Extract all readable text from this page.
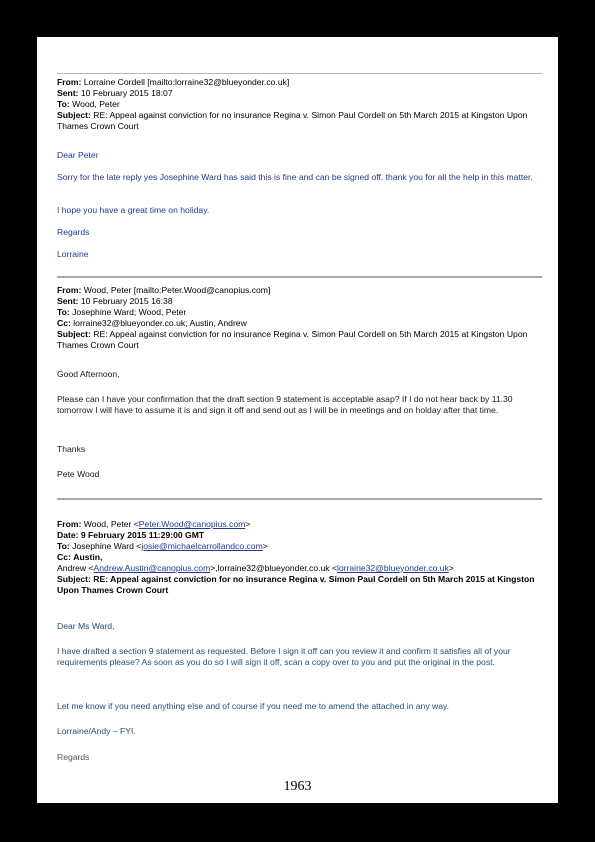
From: Lorraine Cordell [mailto:lorraine32@blueyonder.co.uk]
Sent: 10 February 2015 18:07
To: Wood, Peter
Subject: RE: Appeal against conviction for no insurance Regina v. Simon Paul Cordell on 5th March 2015 at Kingston Upon Thames Crown Court
Dear Peter
Sorry for the late reply yes Josephine Ward has said this is fine and can be signed off. thank you for all the help in this matter.
I hope you have a great time on holiday.
Regards
Lorraine
From: Wood, Peter [mailto:Peter.Wood@canopius.com]
Sent: 10 February 2015 16:38
To: Josephine Ward; Wood, Peter
Cc: lorraine32@blueyonder.co.uk; Austin, Andrew
Subject: RE: Appeal against conviction for no insurance Regina v. Simon Paul Cordell on 5th March 2015 at Kingston Upon Thames Crown Court
Good Afternoon,
Please can I have your confirmation that the draft section 9 statement is acceptable asap? If I do not hear back by 11.30 tomorrow I will have to assume it is and sign it off and send out as I will be in meetings and on holday after that time.
Thanks
Pete Wood
From: Wood, Peter <Peter.Wood@canopius.com>
Date: 9 February 2015 11:29:00 GMT
To: Josephine Ward <josie@michaelcarrollandco.com>
Cc: Austin,
Andrew <Andrew.Austin@canopius.com>,lorraine32@blueyonder.co.uk <lorraine32@blueyonder.co.uk>
Subject: RE: Appeal against conviction for no insurance Regina v. Simon Paul Cordell on 5th March 2015 at Kingston Upon Thames Crown Court
Dear Ms Ward,
I have drafted a section 9 statement as requested. Before I sign it off can you review it and confirm it satisfies all of your requirements please? As soon as you do so I will sign it off, scan a copy over to you and put the original in the post.
Let me know if you need anything else and of course if you need me to amend the attached in any way.
Lorraine/Andy – FYI.
Regards
1963
